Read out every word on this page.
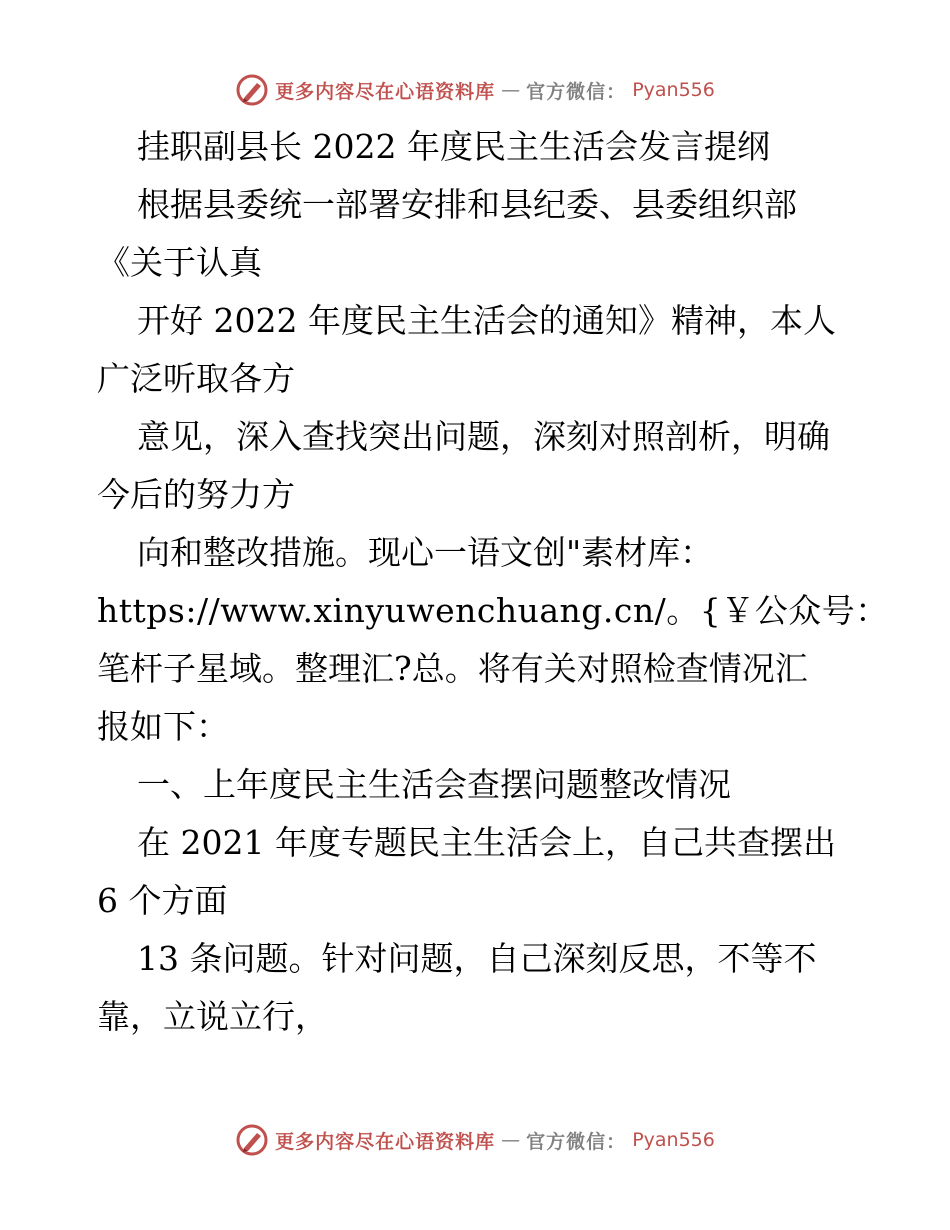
更多内容尽在心语资料库 — 官方微信： Pyan556
挂职副县长 2022 年度民主生活会发言提纲
根据县委统一部署安排和县纪委、县委组织部
《关于认真
开好 2022 年度民主生活会的通知》精神，本人
广泛听取各方
意见，深入查找突出问题，深刻对照剖析，明确
今后的努力方
向和整改措施。现心一语文创"素材库：
https://www.xinyuwenchuang.cn/。{￥公众号：
笔杆子星域。整理汇?总。将有关对照检查情况汇
报如下：
一、上年度民主生活会查摆问题整改情况
在 2021 年度专题民主生活会上，自己共查摆出
6 个方面
13 条问题。针对问题，自己深刻反思，不等不
靠，立说立行，
更多内容尽在心语资料库 — 官方微信： Pyan556
